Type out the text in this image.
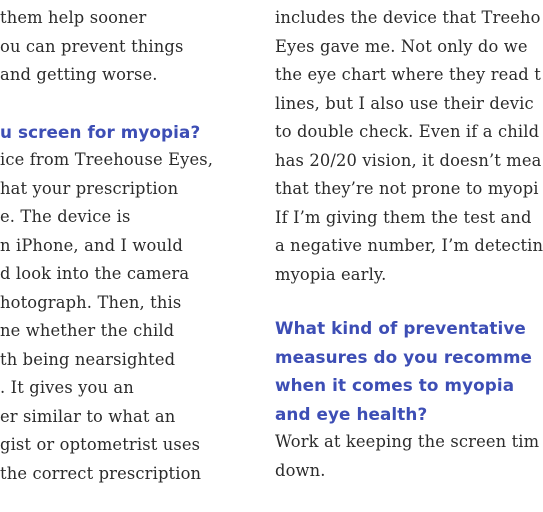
them help sooner
ou can prevent things
and getting worse.
u screen for myopia?
ice from Treehouse Eyes,
hat your prescription
e. The device is
n iPhone, and I would
d look into the camera
hotograph. Then, this
ne whether the child
th being nearsighted
. It gives you an
er similar to what an
gist or optometrist uses
the correct prescription
includes the device that Treeho
Eyes gave me. Not only do we
the eye chart where they read t
lines, but I also use their devic
to double check. Even if a child
has 20/20 vision, it doesn’t mea
that they’re not prone to myopi
If I’m giving them the test and
a negative number, I’m detectin
myopia early.
What kind of preventative
measures do you recomme
when it comes to myopia
and eye health?
Work at keeping the screen tim
down.
